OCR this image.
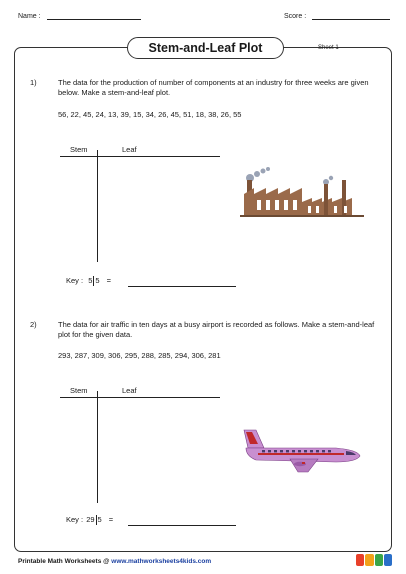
Name :	Score :
Stem-and-Leaf Plot	Sheet 1
1)	The data for the production of number of components at an industry for three weeks are given below. Make a stem-and-leaf plot.
56, 22, 45, 24, 13, 39, 15, 34, 26, 45, 51, 18, 38, 26, 55
Stem	Leaf
Key : 5 5 =
2)	The data for air traffic in ten days at a busy airport is recorded as follows. Make a stem-and-leaf plot for the given data.
293, 287, 309, 306, 295, 288, 285, 294, 306, 281
Stem	Leaf
Key : 29 5 =
Printable Math Worksheets @ www.mathworksheets4kids.com
